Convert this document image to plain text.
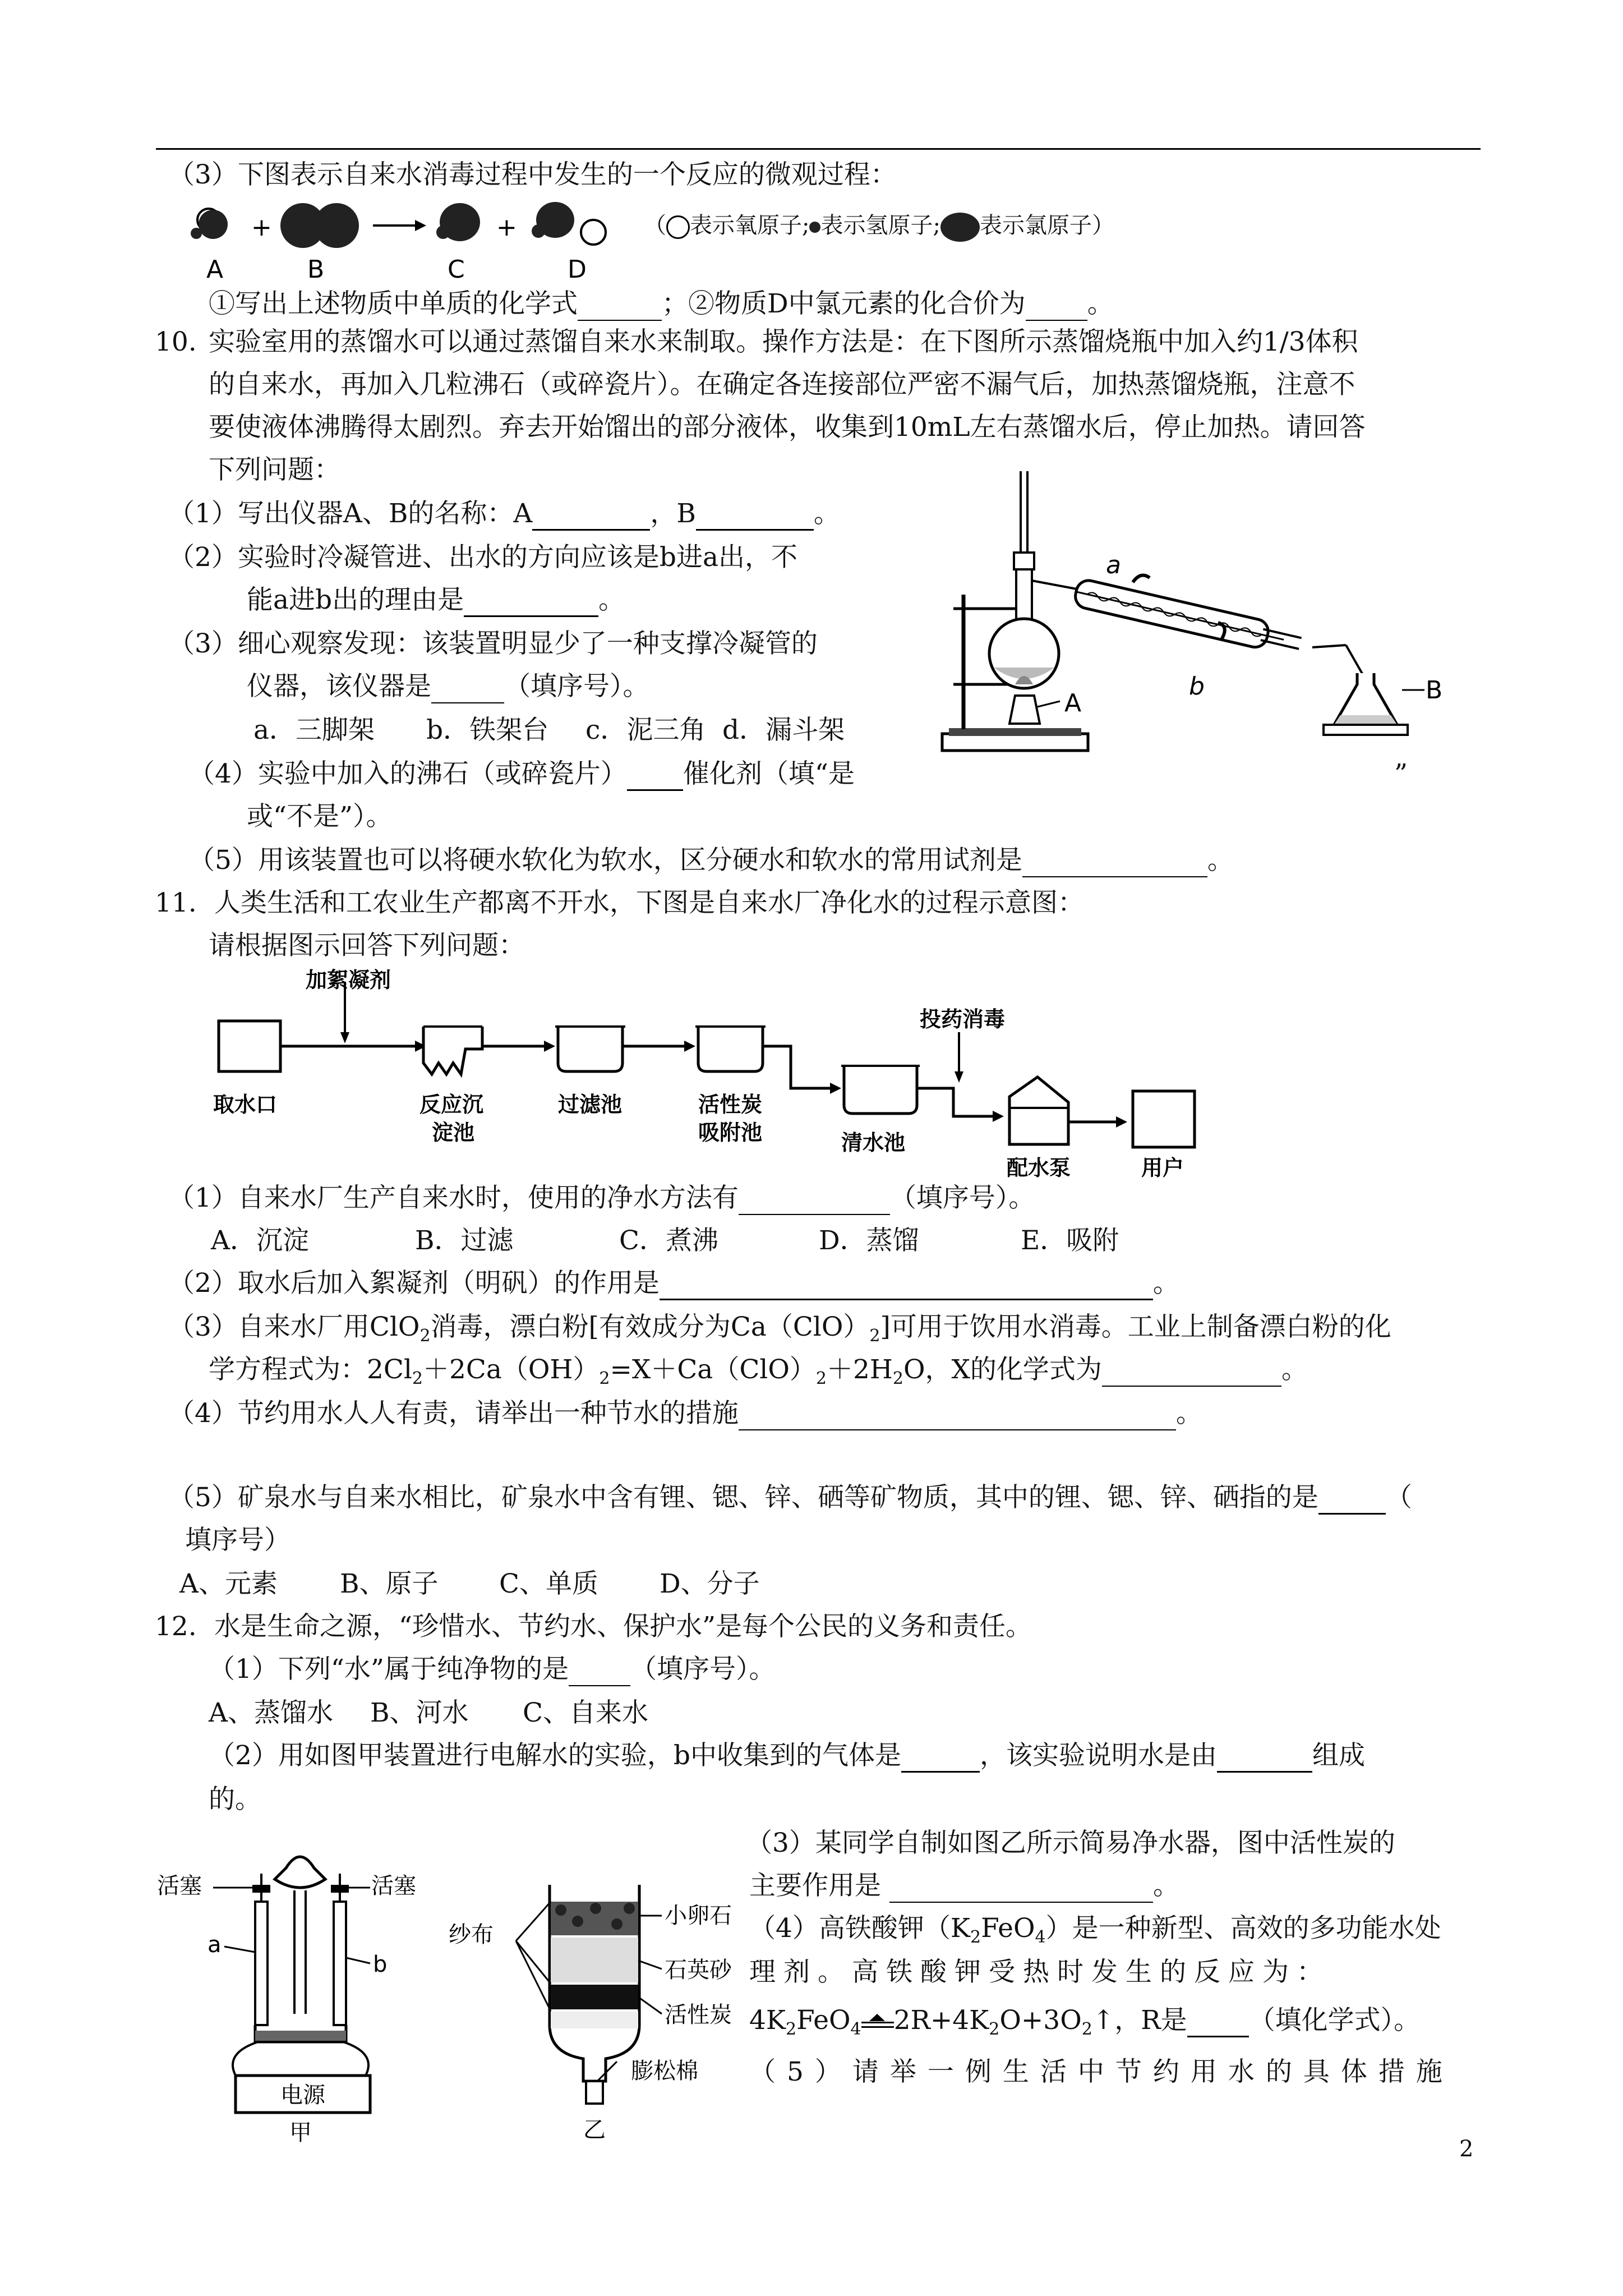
（3）下图表示自来水消毒过程中发生的一个反应的微观过程：
+	+
A	B	C	D
（ 表示氧原子; 表示氢原子; 表示氯原子）
①写出上述物质中单质的化学式	；②物质D中氯元素的化合价为 。
10. 实验室用的蒸馏水可以通过蒸馏自来水来制取。操作方法是：在下图所示蒸馏烧瓶中加入约1/3体积
的自来水，再加入几粒沸石（或碎瓷片）。在确定各连接部位严密不漏气后，加热蒸馏烧瓶，注意不
要使液体沸腾得太剧烈。弃去开始馏出的部分液体，收集到10mL左右蒸馏水后，停止加热。请回答
下列问题：
（1）写出仪器A、B的名称：A	，B	。
（2）实验时冷凝管进、出水的方向应该是b进a出，不
能a进b出的理由是	。
（3）细心观察发现：该装置明显少了一种支撑冷凝管的
仪器，该仪器是	（填序号）。
a．三脚架 b．铁架台 c．泥三角 d．漏斗架
（4）实验中加入的沸石（或碎瓷片） 催化剂（填“是	”
或“不是”）。
（5）用该装置也可以将硬水软化为软水，区分硬水和软水的常用试剂是	。
A	B
a
b
11. 人类生活和工农业生产都离不开水，下图是自来水厂净化水的过程示意图：
请根据图示回答下列问题：
加絮凝剂
取水口	反应沉
淀池
过滤池	活性炭
吸附池	清水池
投药消毒
配水泵	用户
（1）自来水厂生产自来水时，使用的净水方法有	（填序号）。
A．沉淀	B．过滤	C．煮沸	D．蒸馏	E．吸附
（2）取水后加入絮凝剂（明矾）的作用是	。
（3）自来水厂用ClO$_2$消毒，漂白粉[有效成分为$Ca(ClO)_2$]可用于饮用水消毒。工业上制备漂白粉的化
学方程式为：$2Cl_2+2Ca(OH)_2=X+Ca(ClO)_2+2H_2O$，X的化学式为	。
（4）节约用水人人有责，请举出一种节水的措施	。
（5）矿泉水与自来水相比，矿泉水中含有锂、锶、锌、硒等矿物质，其中的锂、锶、锌、硒指的是	（
填序号）
A、元素 B、原子 C、单质 D、分子
12. 水是生命之源，“珍惜水、节约水、保护水”是每个公民的义务和责任。
（1）下列“水”属于纯净物的是 （填序号）。
A、蒸馏水 B、河水 C、自来水
（2）用如图甲装置进行电解水的实验，b中收集到的气体是	，该实验说明水是由	组成
的。
（3）某同学自制如图乙所示简易净水器，图中活性炭的
主要作用是	。
（4）高铁酸钾$(K_2FeO_4)$是一种新型、高效的多功能水处
理剂。高铁酸钾受热时发生的反应为：
$4K_2FeO_4$ $2R+4K_2O+3O_2↑$，R是 （填化学式）。
（5）请举一例生活中节约用水的具体措施
活塞	活塞
a
b
电源
甲
纱布
小卵石
石英砂
活性炭
膨松棉
乙
2
